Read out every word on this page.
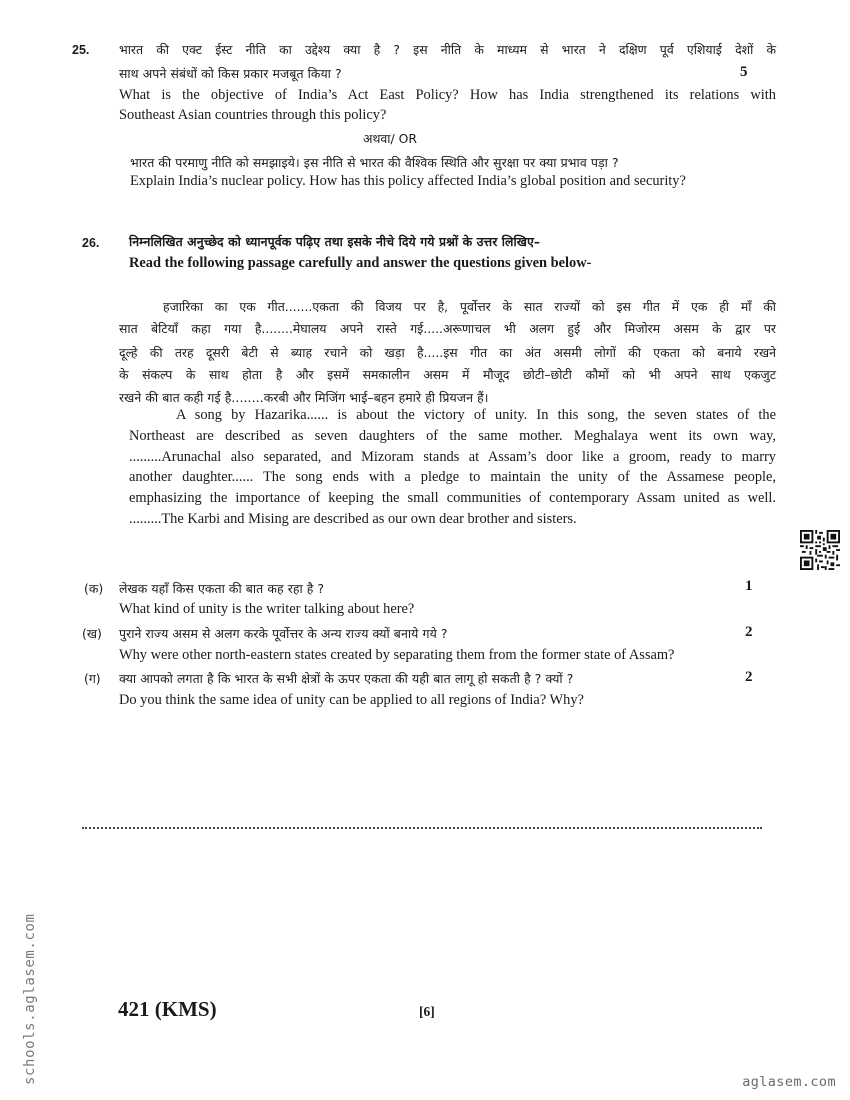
25. भारत की एक्ट ईस्ट नीति का उद्देश्य क्या है ? इस नीति के माध्यम से भारत ने दक्षिण पूर्व एशियाई देशों के
साथ अपने संबंधों को किस प्रकार मजबूत किया ?	5
What is the objective of India’s Act East Policy? How has India strengthened its relations with
Southeast Asian countries through this policy?
अथवा/ OR
भारत की परमाणु नीति को समझाइये। इस नीति से भारत की वैश्विक स्थिति और सुरक्षा पर क्या प्रभाव पड़ा ?
Explain India’s nuclear policy. How has this policy affected India’s global position and security?
26. निम्नलिखित अनुच्छेद को ध्यानपूर्वक पढ़िए तथा इसके नीचे दिये गये प्रश्नों के उत्तर लिखिए–
Read the following passage carefully and answer the questions given below-
हजारिका का एक गीत.......एकता की विजय पर है, पूर्वोत्तर के सात राज्यों को इस गीत में एक ही माँ की
सात बेटियाँ कहा गया है........मेघालय अपने रास्ते गई.....अरूणाचल भी अलग हुई और मिजोरम असम के द्वार पर
दूल्हे की तरह दूसरी बेटी से ब्याह रचाने को खड़ा है.....इस गीत का अंत असमी लोगों की एकता को बनाये रखने
के संकल्प के साथ होता है और इसमें समकालीन असम में मौजूद छोटी–छोटी कौमों को भी अपने साथ एकजुट
रखने की बात कही गई है........करबी और मिजिंग भाई–बहन हमारे ही प्रियजन हैं।
A song by Hazarika...... is about the victory of unity. In this song, the seven states of the
Northeast are described as seven daughters of the same mother. Meghalaya went its own way,
.........Arunachal also separated, and Mizoram stands at Assam’s door like a groom, ready to marry
another daughter...... The song ends with a pledge to maintain the unity of the Assamese people,
emphasizing the importance of keeping the small communities of contemporary Assam united as well.
.........The Karbi and Mising are described as our own dear brother and sisters.
(क) लेखक यहाँ किस एकता की बात कह रहा है ?	1
What kind of unity is the writer talking about here?
(ख) पुराने राज्य असम से अलग करके पूर्वोत्तर के अन्य राज्य क्यों बनाये गये ?	2
Why were other north-eastern states created by separating them from the former state of Assam?
(ग) क्या आपको लगता है कि भारत के सभी क्षेत्रों के ऊपर एकता की यही बात लागू हो सकती है ? क्यों ?	2
Do you think the same idea of unity can be applied to all regions of India? Why?
421 (KMS)	[6]
schools.aglasem.com	aglasem.com
